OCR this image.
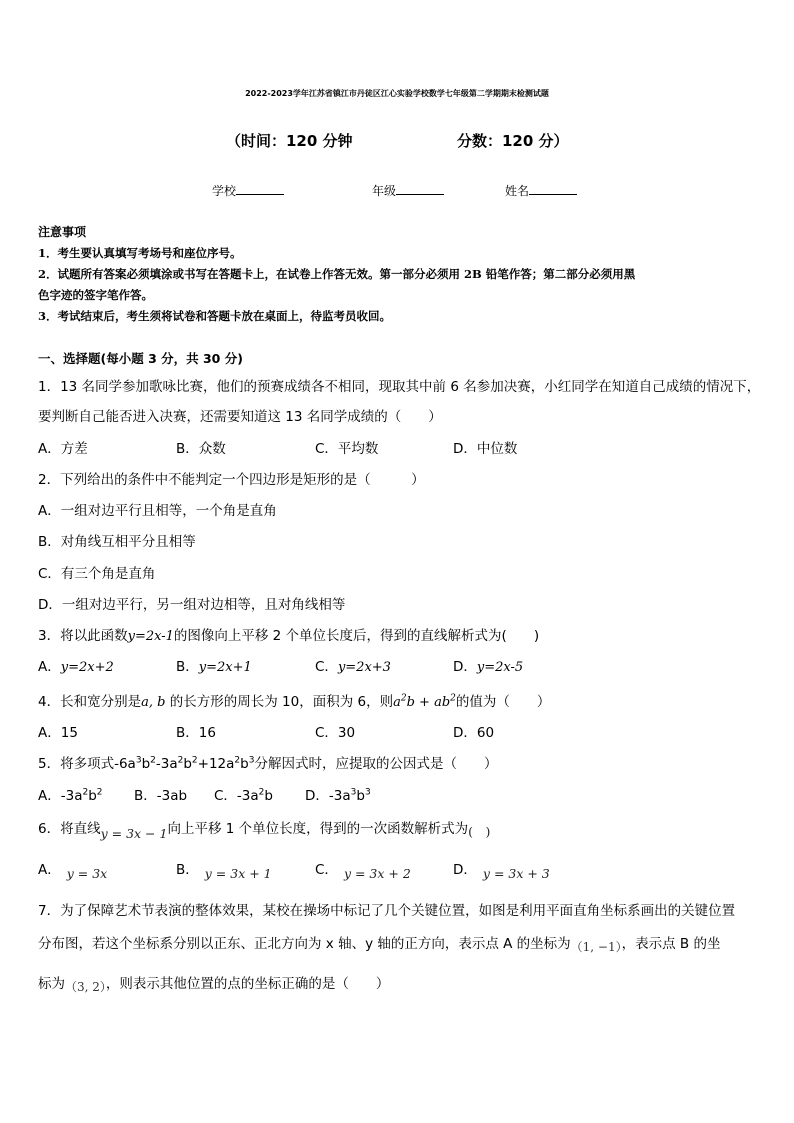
2022-2023学年江苏省镇江市丹徒区江心实验学校数学七年级第二学期期末检测试题
（时间：120 分钟	分数：120 分）
学校	年级	姓名
注意事项
1．考生要认真填写考场号和座位序号。
2．试题所有答案必须填涂或书写在答题卡上，在试卷上作答无效。第一部分必须用 2B 铅笔作答；第二部分必须用黑
色字迹的签字笔作答。
3．考试结束后，考生须将试卷和答题卡放在桌面上，待监考员收回。
一、选择题(每小题 3 分，共 30 分)
1．13 名同学参加歌咏比赛，他们的预赛成绩各不相同，现取其中前 6 名参加决赛，小红同学在知道自己成绩的情况下，
要判断自己能否进入决赛，还需要知道这 13 名同学成绩的（　　）
A．方差	B．众数	C．平均数	D．中位数
2．下列给出的条件中不能判定一个四边形是矩形的是（　　　）
A．一组对边平行且相等，一个角是直角
B．对角线互相平分且相等
C．有三个角是直角
D．一组对边平行，另一组对边相等，且对角线相等
3．将以此函数y=2x-1的图像向上平移 2 个单位长度后，得到的直线解析式为(　　)
A．y=2x+2	B．y=2x+1	C．y=2x+3	D．y=2x-5
4．长和宽分别是a, b 的长方形的周长为 10，面积为 6，则$a^2b + ab^2$的值为（　　）
A．15	B．16	C．30	D．60
5．将多项式$-6a^3b^2-3a^2b^2+12a^2b^3$分解因式时，应提取的公因式是（　　）
A．$-3a^2b^2$ B．-3ab C．$-3a^2b$ D．$-3a^3b^3$
6．将直线y = 3x − 1向上平移 1 个单位长度，得到的一次函数解析式为(　)
A． y = 3x	B． y = 3x + 1	C． y = 3x + 2	D． y = 3x + 3
7．为了保障艺术节表演的整体效果，某校在操场中标记了几个关键位置，如图是利用平面直角坐标系画出的关键位置
分布图，若这个坐标系分别以正东、正北方向为 x 轴、y 轴的正方向，表示点 A 的坐标为（1, −1），表示点 B 的坐
标为（3, 2），则表示其他位置的点的坐标正确的是（　　）
